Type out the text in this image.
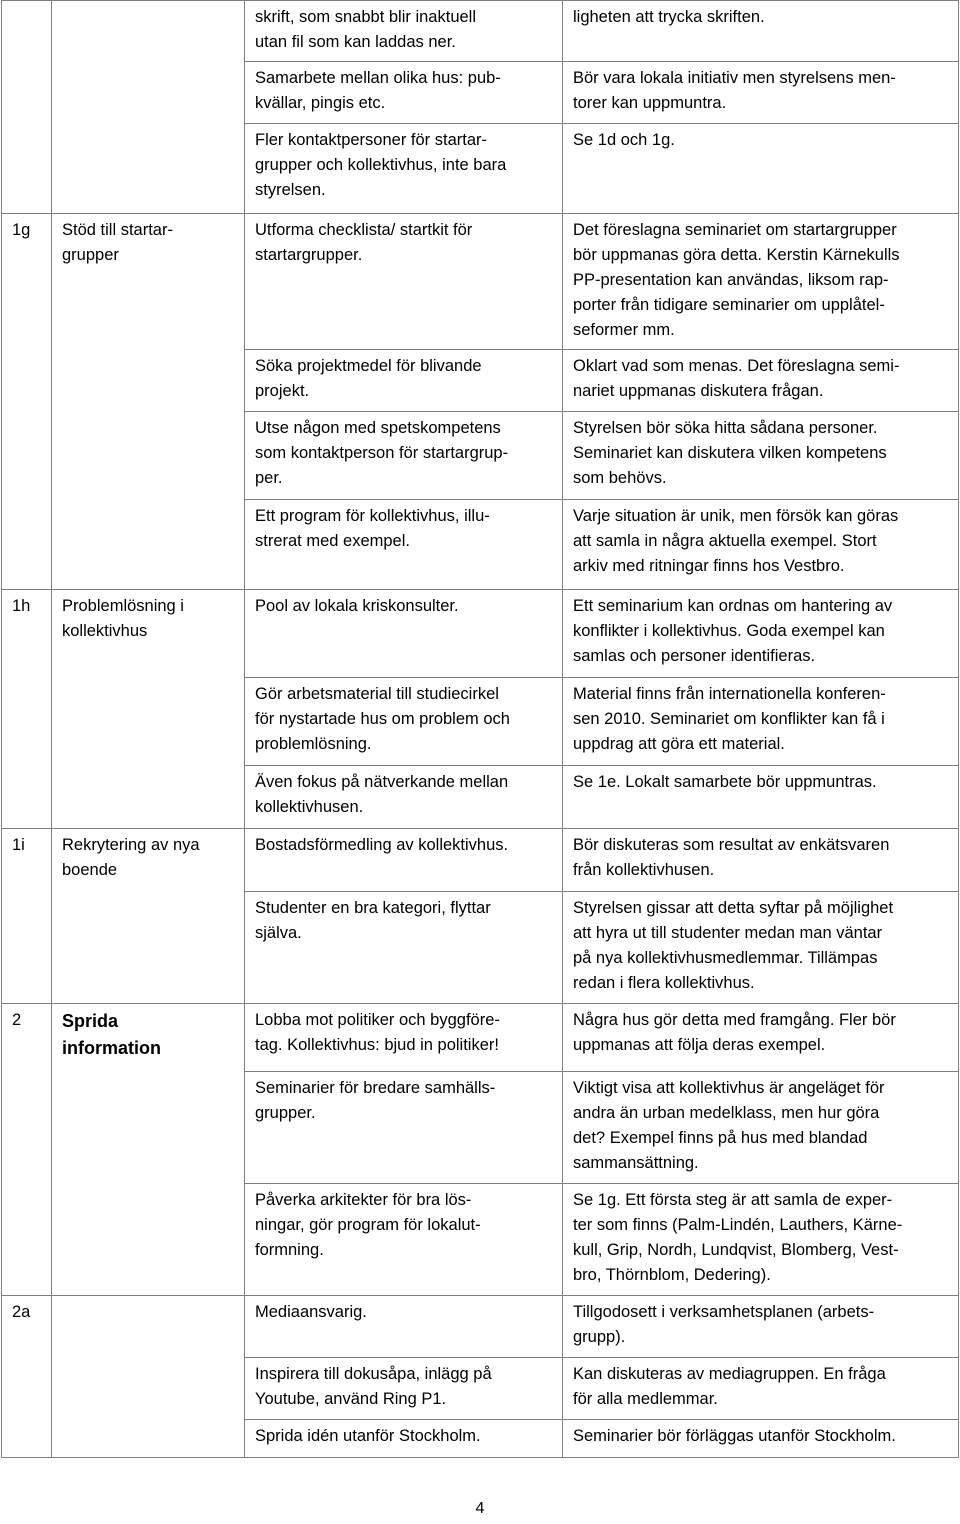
		skrift, som snabbt blir inaktuell
utan fil som kan laddas ner.	ligheten att trycka skriften.

		Samarbete mellan olika hus: pub-
kvällar, pingis etc.	Bör vara lokala initiativ men styrelsens men-
torer kan uppmuntra.

		Fler kontaktpersoner för startar-
grupper och kollektivhus, inte bara
styrelsen.	Se 1d och 1g.

1g	Stöd till startar-
grupper	Utforma checklista/ startkit för
startargrupper.	Det föreslagna seminariet om startargrupper
bör uppmanas göra detta. Kerstin Kärnekulls
PP-presentation kan användas, liksom rap-
porter från tidigare seminarier om upplåtel-
seformer mm.

		Söka projektmedel för blivande
projekt.	Oklart vad som menas. Det föreslagna semi-
nariet uppmanas diskutera frågan.

		Utse någon med spetskompetens
som kontaktperson för startargrup-
per.	Styrelsen bör söka hitta sådana personer.
Seminariet kan diskutera vilken kompetens
som behövs.

		Ett program för kollektivhus, illu-
strerat med exempel.	Varje situation är unik, men försök kan göras
att samla in några aktuella exempel. Stort
arkiv med ritningar finns hos Vestbro.

1h	Problemlösning i
kollektivhus	Pool av lokala kriskonsulter.	Ett seminarium kan ordnas om hantering av
konflikter i kollektivhus. Goda exempel kan
samlas och personer identifieras.

		Gör arbetsmaterial till studiecirkel
för nystartade hus om problem och
problemlösning.	Material finns från internationella konferen-
sen 2010. Seminariet om konflikter kan få i
uppdrag att göra ett material.

		Även fokus på nätverkande mellan
kollektivhusen.	Se 1e. Lokalt samarbete bör uppmuntras.

1i	Rekrytering av nya
boende	Bostadsförmedling av kollektivhus.	Bör diskuteras som resultat av enkätsvaren
från kollektivhusen.

		Studenter en bra kategori, flyttar
själva.	Styrelsen gissar att detta syftar på möjlighet
att hyra ut till studenter medan man väntar
på nya kollektivhusmedlemmar. Tillämpas
redan i flera kollektivhus.

2	Sprida
information	Lobba mot politiker och byggföre-
tag. Kollektivhus: bjud in politiker!	Några hus gör detta med framgång. Fler bör
uppmanas att följa deras exempel.

		Seminarier för bredare samhälls-
grupper.	Viktigt visa att kollektivhus är angeläget för
andra än urban medelklass, men hur göra
det? Exempel finns på hus med blandad
sammansättning.

		Påverka arkitekter för bra lös-
ningar, gör program för lokalut-
formning.	Se 1g. Ett första steg är att samla de exper-
ter som finns (Palm-Lindén, Lauthers, Kärne-
kull, Grip, Nordh, Lundqvist, Blomberg, Vest-
bro, Thörnblom, Dedering).

2a		Mediaansvarig.	Tillgodosett i verksamhetsplanen (arbets-
grupp).

		Inspirera till dokusåpa, inlägg på
Youtube, använd Ring P1.	Kan diskuteras av mediagruppen. En fråga
för alla medlemmar.

		Sprida idén utanför Stockholm.	Seminarier bör förläggas utanför Stockholm.
4
